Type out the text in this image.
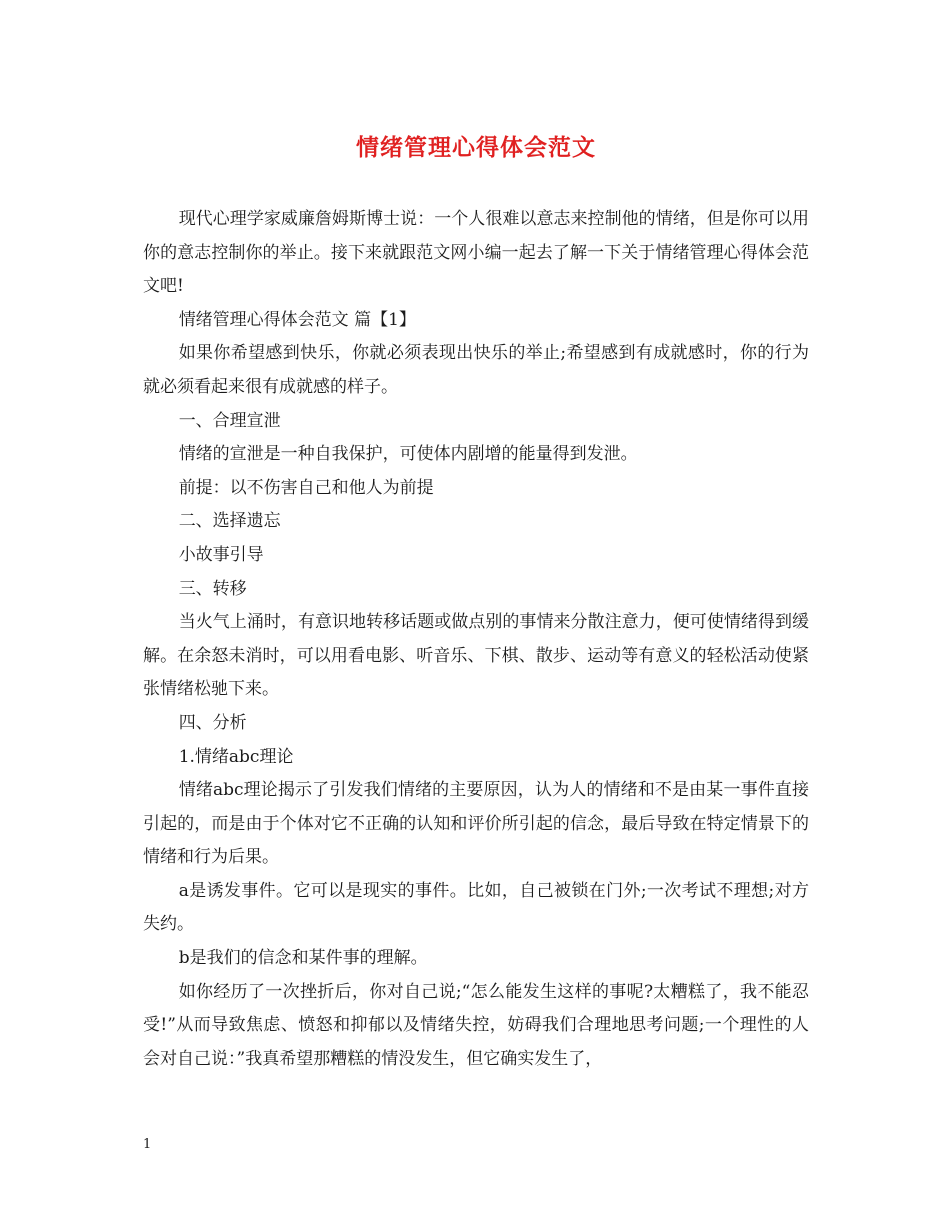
情绪管理心得体会范文

现代心理学家威廉詹姆斯博士说：一个人很难以意志来控制他的情绪，但是你可以用你的意志控制你的举止。接下来就跟范文网小编一起去了解一下关于情绪管理心得体会范文吧!

情绪管理心得体会范文 篇【1】

如果你希望感到快乐，你就必须表现出快乐的举止;希望感到有成就感时，你的行为就必须看起来很有成就感的样子。

一、合理宣泄

情绪的宣泄是一种自我保护，可使体内剧增的能量得到发泄。

前提：以不伤害自己和他人为前提

二、选择遗忘

小故事引导

三、转移

当火气上涌时，有意识地转移话题或做点别的事情来分散注意力，便可使情绪得到缓解。在余怒未消时，可以用看电影、听音乐、下棋、散步、运动等有意义的轻松活动使紧张情绪松驰下来。

四、分析

1.情绪abc理论

情绪abc理论揭示了引发我们情绪的主要原因，认为人的情绪和不是由某一事件直接引起的，而是由于个体对它不正确的认知和评价所引起的信念，最后导致在特定情景下的情绪和行为后果。

a是诱发事件。它可以是现实的事件。比如，自己被锁在门外;一次考试不理想;对方失约。

b是我们的信念和某件事的理解。

如你经历了一次挫折后，你对自己说;“怎么能发生这样的事呢?太糟糕了，我不能忍受!”从而导致焦虑、愤怒和抑郁以及情绪失控，妨碍我们合理地思考问题;一个理性的人会对自己说：”我真希望那糟糕的情没发生，但它确实发生了，

1
